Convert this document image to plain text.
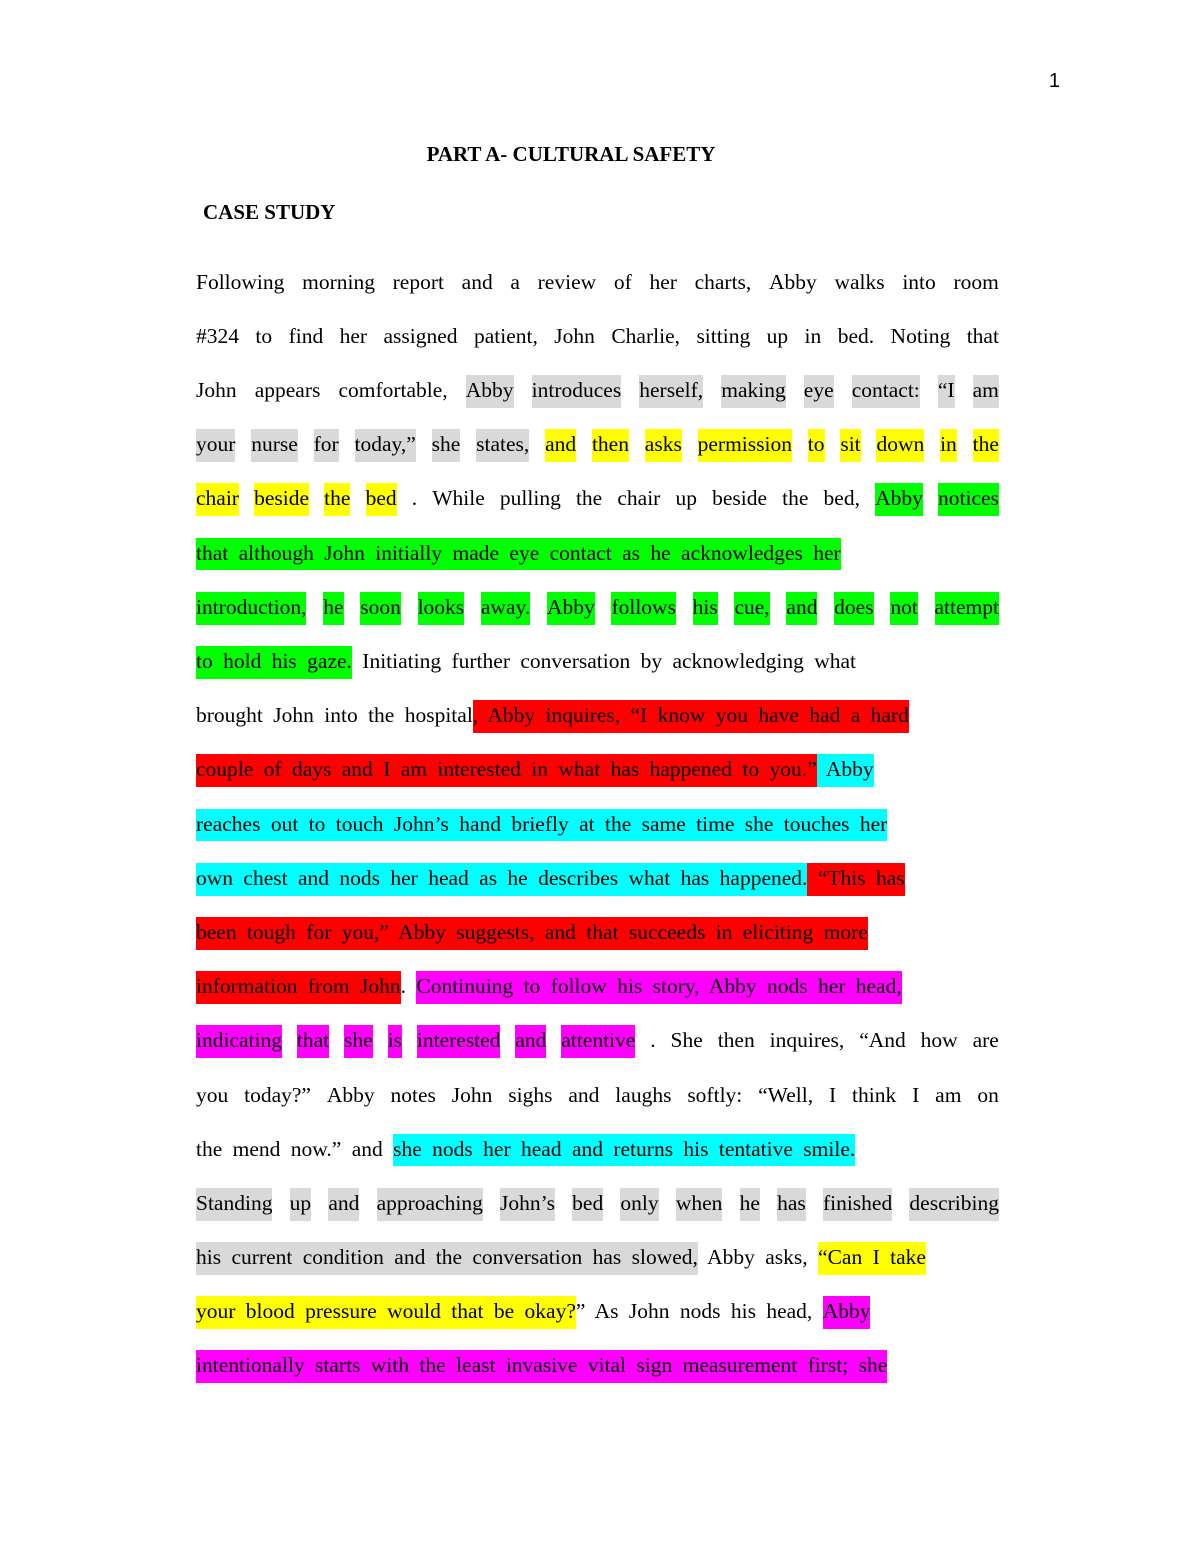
1
PART A- CULTURAL SAFETY
CASE STUDY
Following morning report and a review of her charts, Abby walks into room
#324 to find her assigned patient, John Charlie, sitting up in bed. Noting that
John appears comfortable, Abby introduces herself, making eye contact: “I am
your nurse for today,” she states, and then asks permission to sit down in the
chair beside the bed . While pulling the chair up beside the bed, Abby notices
that although John initially made eye contact as he acknowledges her
introduction, he soon looks away. Abby follows his cue, and does not attempt
to hold his gaze. Initiating further conversation by acknowledging what
brought John into the hospital , Abby inquires, “I know you have had a hard
couple of days and I am interested in what has happened to you.” Abby
reaches out to touch John’s hand briefly at the same time she touches her
own chest and nods her head as he describes what has happened. “This has
been tough for you,” Abby suggests, and that succeeds in eliciting more
information from John . Continuing to follow his story, Abby nods her head,
indicating that she is interested and attentive . She then inquires, “And how are
you today?” Abby notes John sighs and laughs softly: “Well, I think I am on
the mend now.” and she nods her head and returns his tentative smile.
Standing up and approaching John’s bed only when he has finished describing
his current condition and the conversation has slowed, Abby asks, “Can I take
your blood pressure would that be okay? ” As John nods his head, Abby
intentionally starts with the least invasive vital sign measurement first; she
